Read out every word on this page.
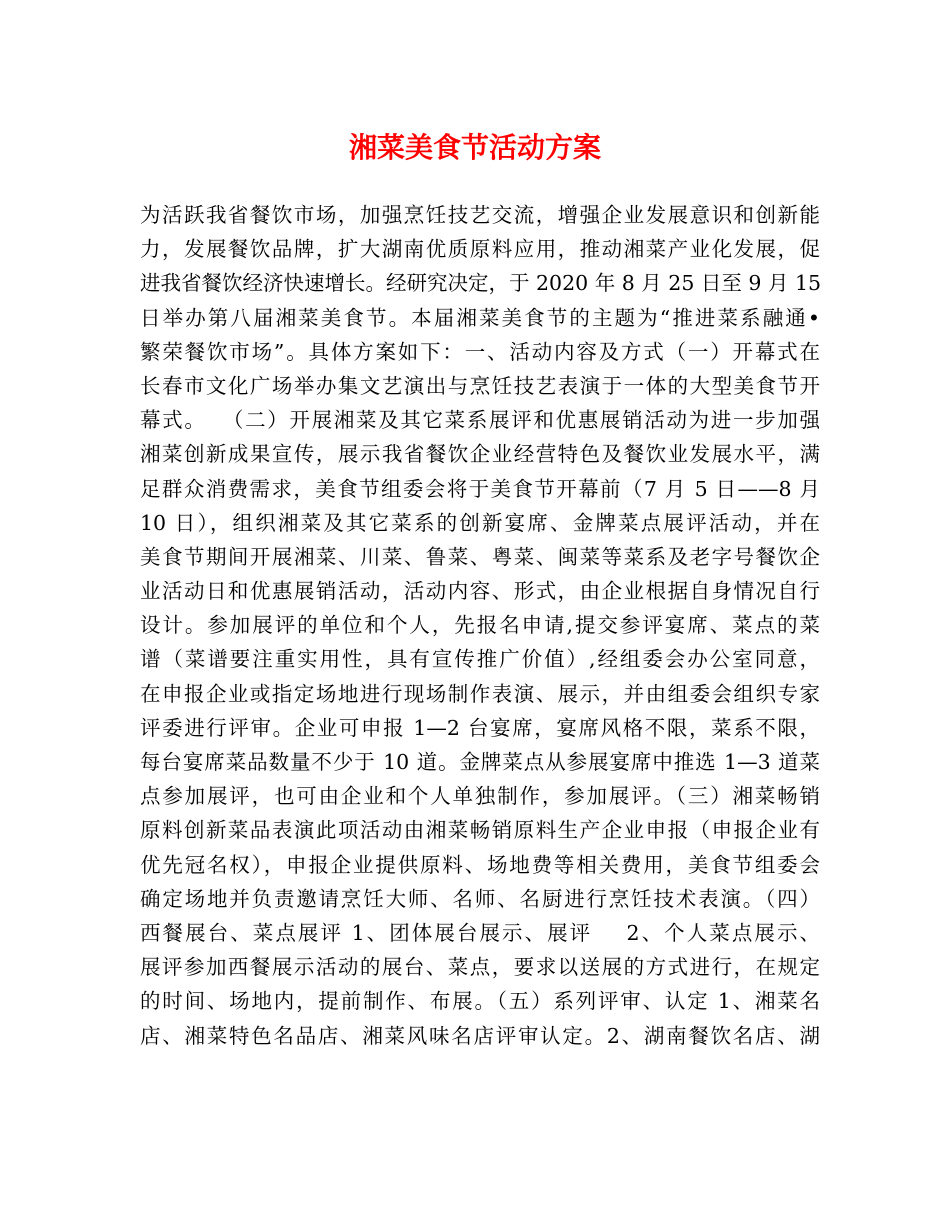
湘菜美食节活动方案
为活跃我省餐饮市场，加强烹饪技艺交流，增强企业发展意识和创新能
力，发展餐饮品牌，扩大湖南优质原料应用，推动湘菜产业化发展，促
进我省餐饮经济快速增长。经研究决定，于 2020 年 8 月 25 日至 9 月 15
日举办第八届湘菜美食节。本届湘菜美食节的主题为“推进菜系融通•
繁荣餐饮市场”。具体方案如下：一、活动内容及方式（一）开幕式在
长春市文化广场举办集文艺演出与烹饪技艺表演于一体的大型美食节开
幕式。  （二）开展湘菜及其它菜系展评和优惠展销活动为进一步加强
湘菜创新成果宣传，展示我省餐饮企业经营特色及餐饮业发展水平，满
足群众消费需求，美食节组委会将于美食节开幕前（7 月 5 日——8 月
10 日），组织湘菜及其它菜系的创新宴席、金牌菜点展评活动，并在
美食节期间开展湘菜、川菜、鲁菜、粤菜、闽菜等菜系及老字号餐饮企
业活动日和优惠展销活动，活动内容、形式，由企业根据自身情况自行
设计。参加展评的单位和个人，先报名申请,提交参评宴席、菜点的菜
谱（菜谱要注重实用性，具有宣传推广价值）,经组委会办公室同意，
在申报企业或指定场地进行现场制作表演、展示，并由组委会组织专家
评委进行评审。企业可申报 1—2 台宴席，宴席风格不限，菜系不限，
每台宴席菜品数量不少于 10 道。金牌菜点从参展宴席中推选 1—3 道菜
点参加展评，也可由企业和个人单独制作，参加展评。（三）湘菜畅销
原料创新菜品表演此项活动由湘菜畅销原料生产企业申报（申报企业有
优先冠名权），申报企业提供原料、场地费等相关费用，美食节组委会
确定场地并负责邀请烹饪大师、名师、名厨进行烹饪技术表演。（四）
西餐展台、菜点展评 1、团体展台展示、展评    2、个人菜点展示、
展评参加西餐展示活动的展台、菜点，要求以送展的方式进行，在规定
的时间、场地内，提前制作、布展。（五）系列评审、认定 1、湘菜名
店、湘菜特色名品店、湘菜风味名店评审认定。2、湖南餐饮名店、湖
